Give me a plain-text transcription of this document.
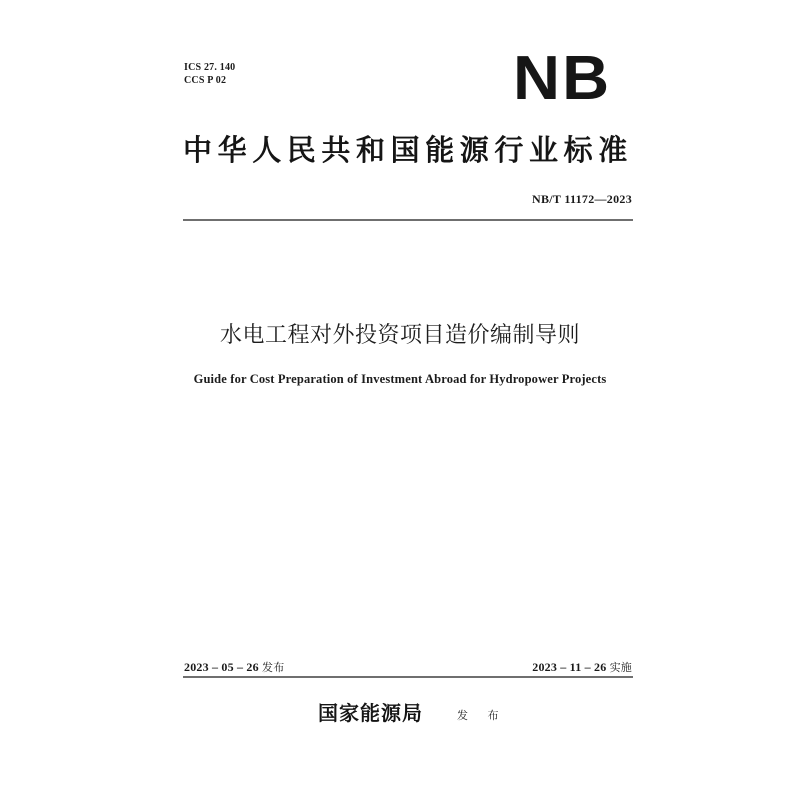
ICS 27. 140
CCS P 02	NB
中华人民共和国能源行业标准
NB/T 11172—2023
水电工程对外投资项目造价编制导则
Guide for Cost Preparation of Investment Abroad for Hydropower Projects
2023 – 05 – 26 发布	2023 – 11 – 26 实施
国家能源局	发 布
